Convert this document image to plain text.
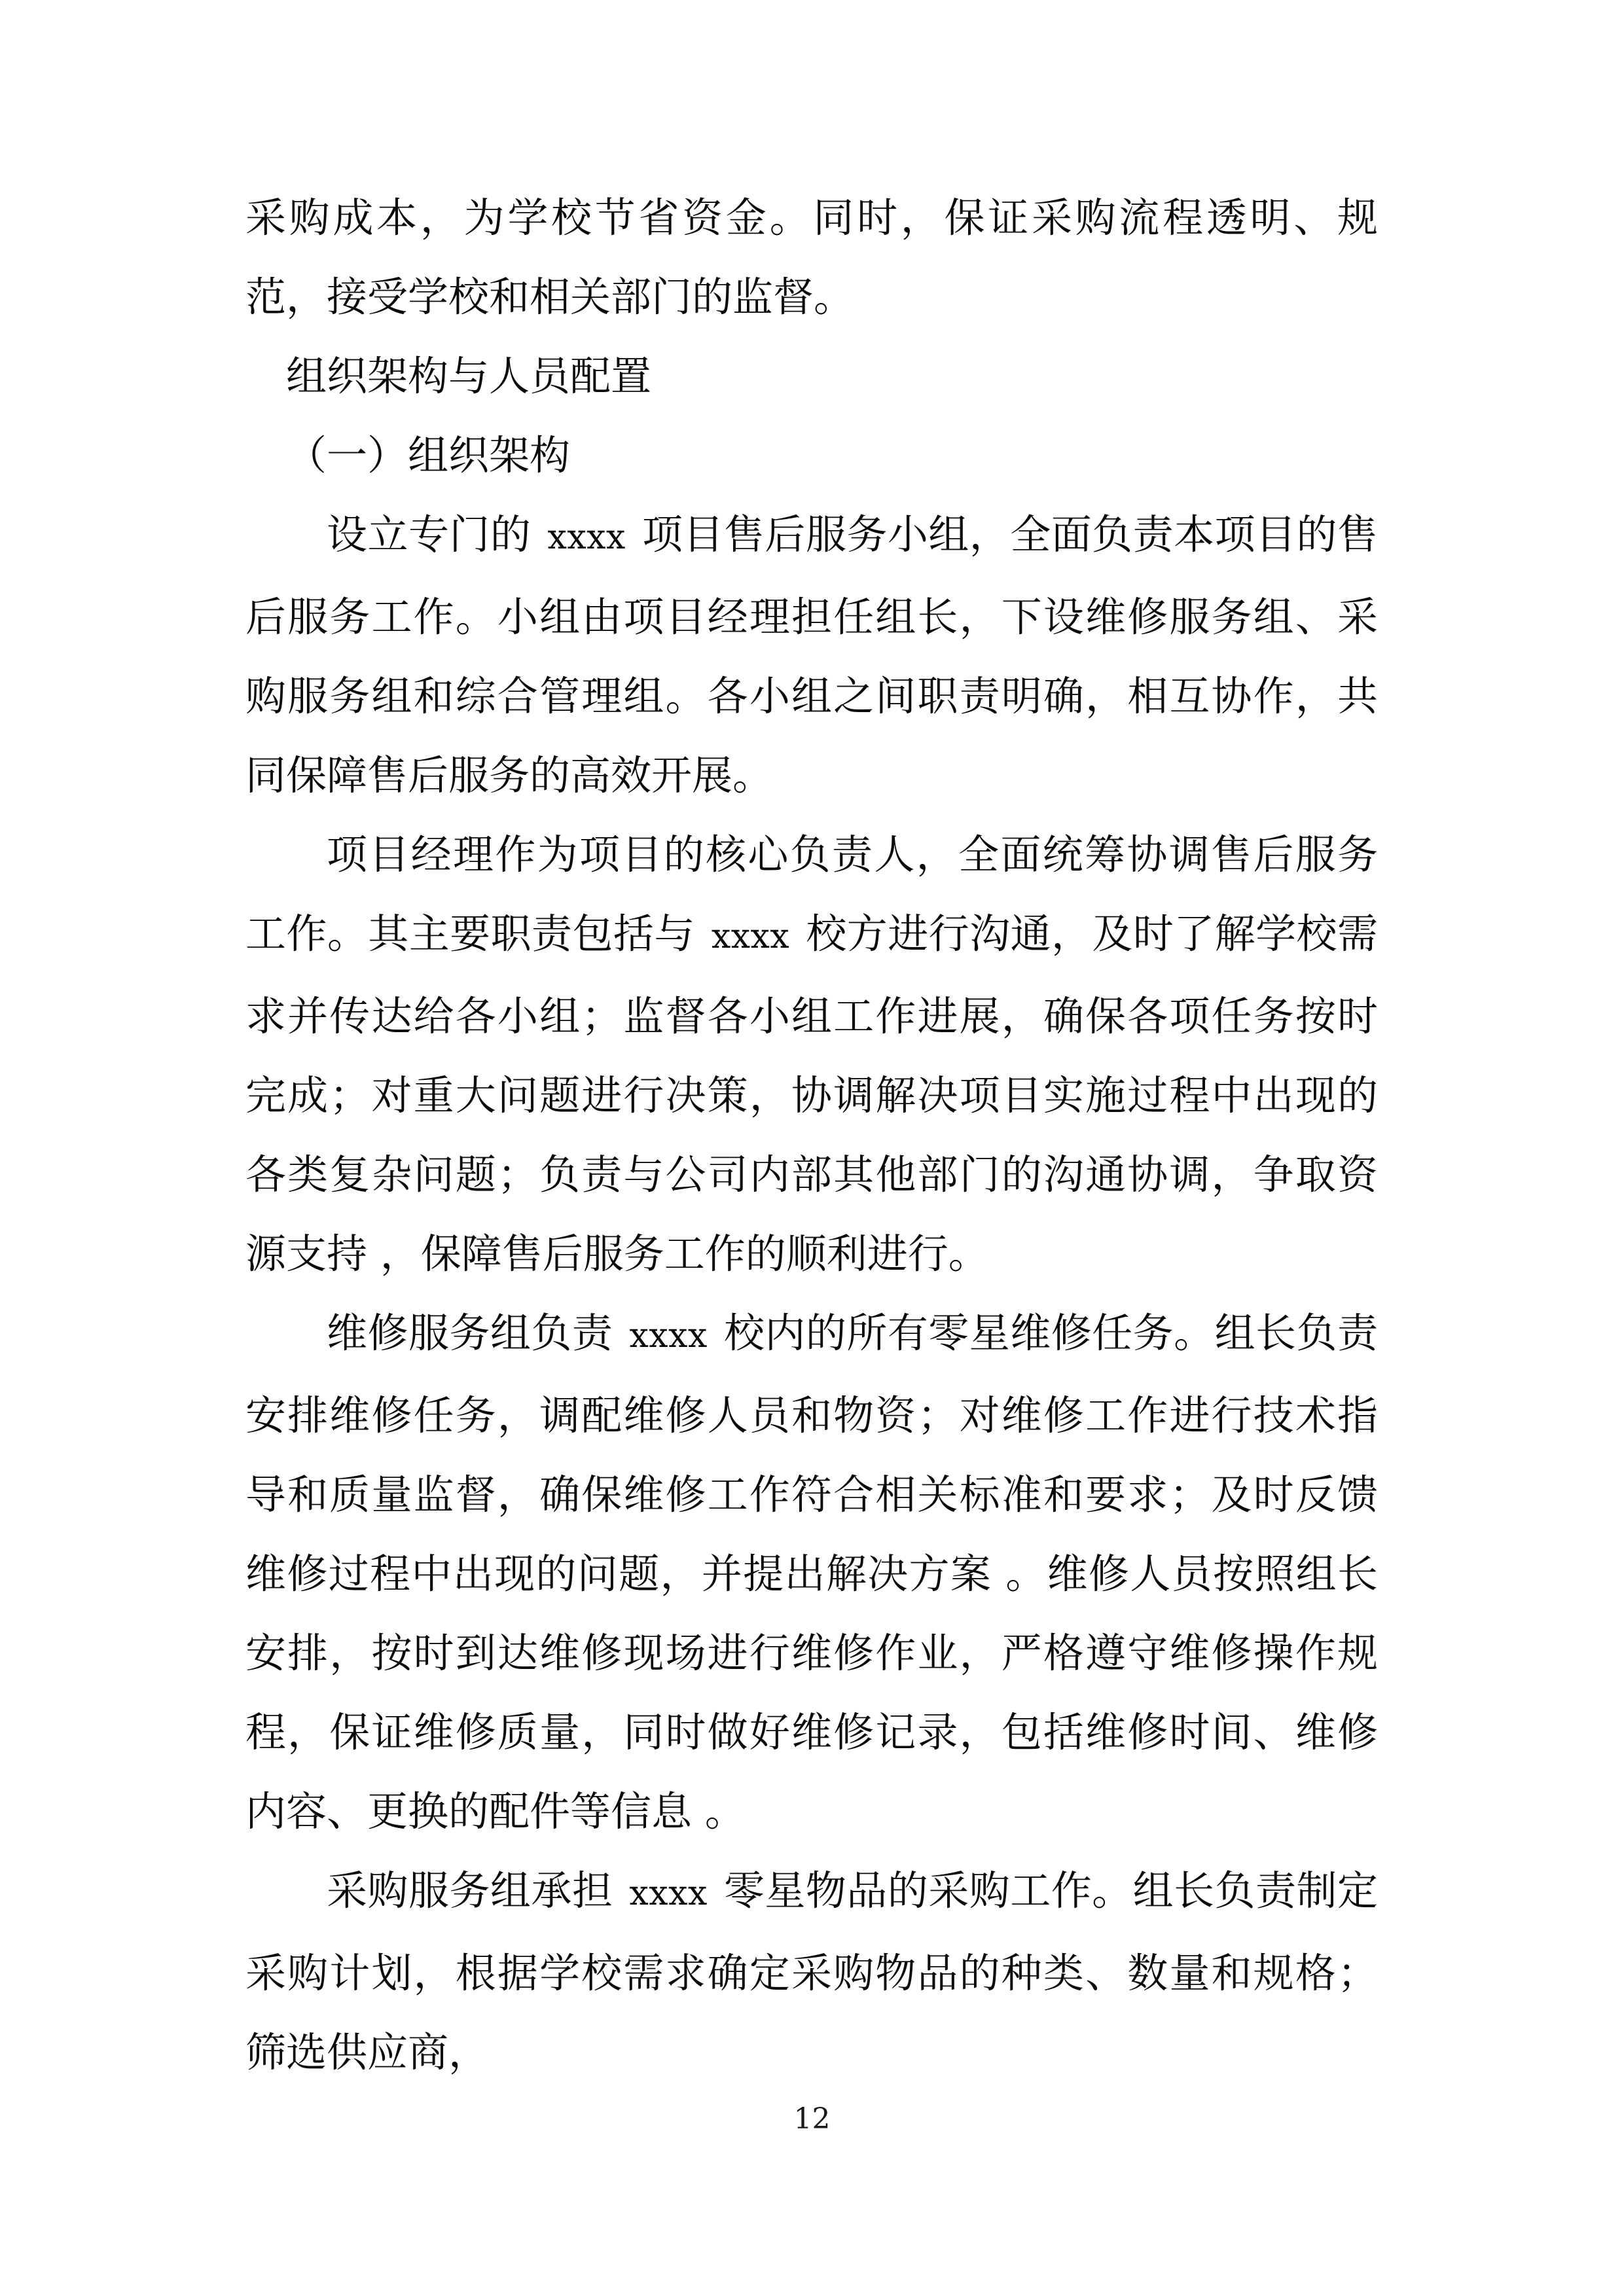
采购成本，为学校节省资金。同时，保证采购流程透明、规范，接受学校和相关部门的监督。

组织架构与人员配置

（一）组织架构

设立专门的 xxxx 项目售后服务小组，全面负责本项目的售后服务工作。小组由项目经理担任组长，下设维修服务组、采购服务组和综合管理组。各小组之间职责明确，相互协作，共同保障售后服务的高效开展。

项目经理作为项目的核心负责人，全面统筹协调售后服务工作。其主要职责包括与 xxxx 校方进行沟通，及时了解学校需求并传达给各小组；监督各小组工作进展，确保各项任务按时完成；对重大问题进行决策，协调解决项目实施过程中出现的各类复杂问题；负责与公司内部其他部门的沟通协调，争取资源支持 ，保障售后服务工作的顺利进行。

维修服务组负责 xxxx 校内的所有零星维修任务。组长负责安排维修任务，调配维修人员和物资；对维修工作进行技术指导和质量监督，确保维修工作符合相关标准和要求；及时反馈维修过程中出现的问题，并提出解决方案 。维修人员按照组长安排，按时到达维修现场进行维修作业，严格遵守维修操作规程，保证维修质量，同时做好维修记录，包括维修时间、维修内容、更换的配件等信息 。

采购服务组承担 xxxx 零星物品的采购工作。组长负责制定采购计划，根据学校需求确定采购物品的种类、数量和规格；筛选供应商，

12
